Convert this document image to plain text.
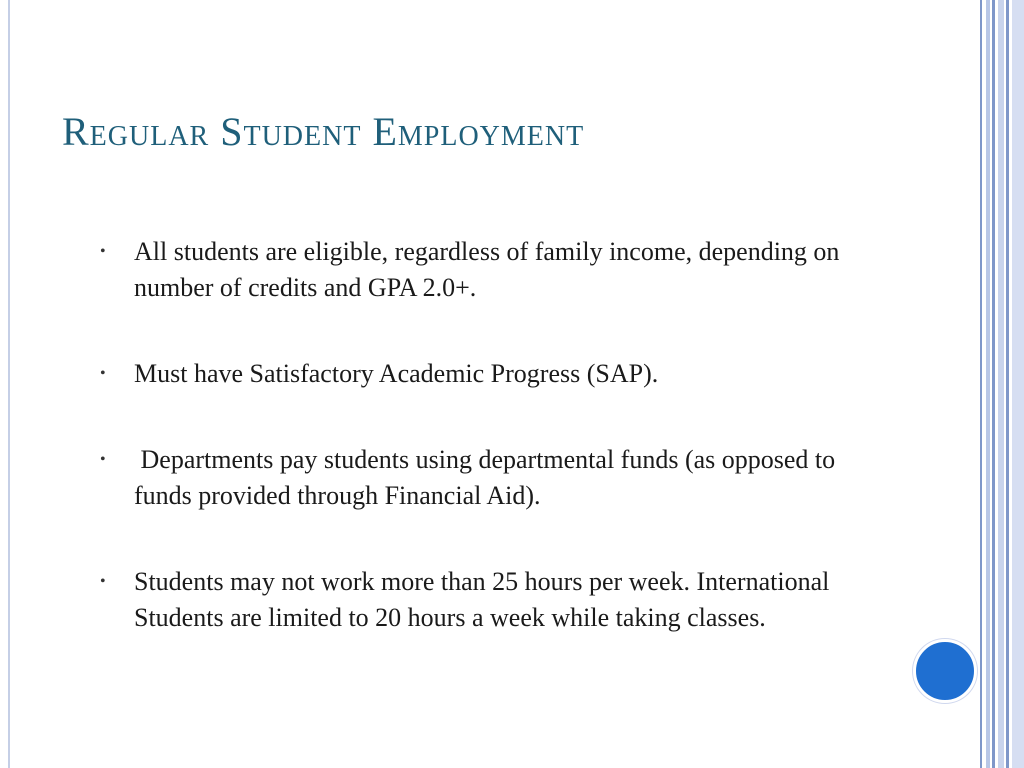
Regular Student Employment
• All students are eligible, regardless of family income, depending on number of credits and GPA 2.0+.
• Must have Satisfactory Academic Progress (SAP).
• Departments pay students using departmental funds (as opposed to funds provided through Financial Aid).
• Students may not work more than 25 hours per week. International Students are limited to 20 hours a week while taking classes.
